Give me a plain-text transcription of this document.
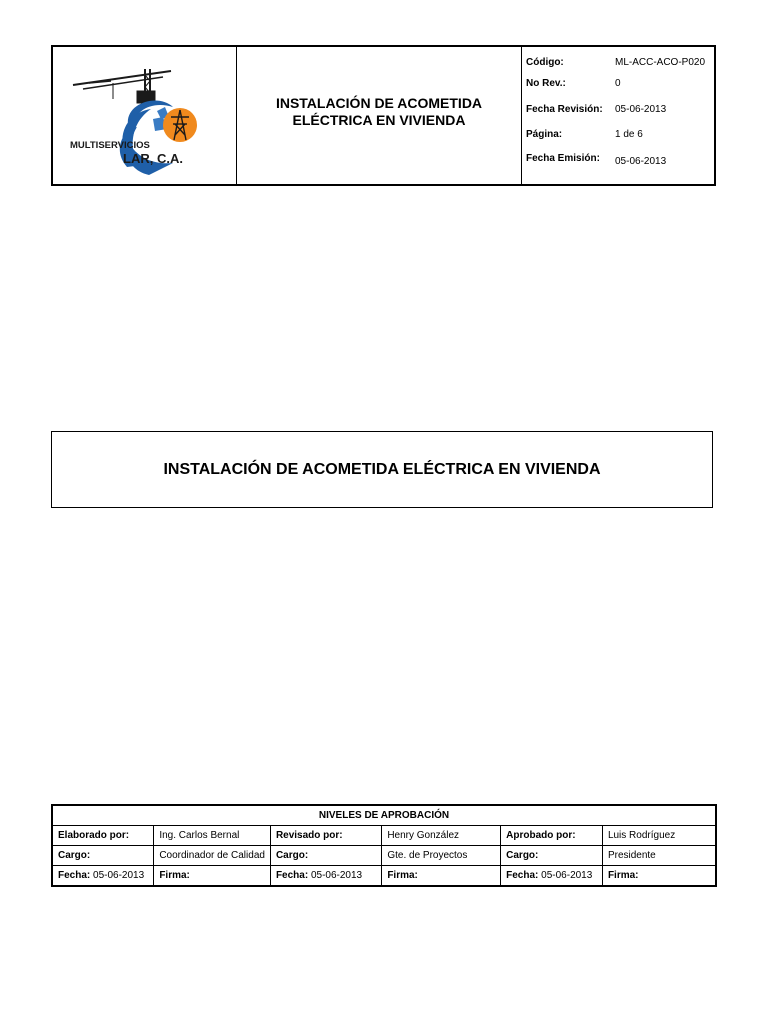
MULTISERVICIOS
LAR, C.A.
INSTALACIÓN DE ACOMETIDA
ELÉCTRICA EN VIVIENDA
Código:	ML-ACC-ACO-P020
No Rev.:	0
Fecha Revisión: 05-06-2013
Página:	1 de 6
Fecha Emisión: 05-06-2013
INSTALACIÓN DE ACOMETIDA ELÉCTRICA EN VIVIENDA
NIVELES DE APROBACIÓN					
Elaborado por:	Ing. Carlos Bernal	Revisado por:	Henry González	Aprobado por:	Luis Rodríguez
Cargo:	Coordinador de Calidad	Cargo:	Gte. de Proyectos	Cargo:	Presidente
Fecha: 05-06-2013	Firma:	Fecha: 05-06-2013	Firma:	Fecha: 05-06-2013	Firma:
